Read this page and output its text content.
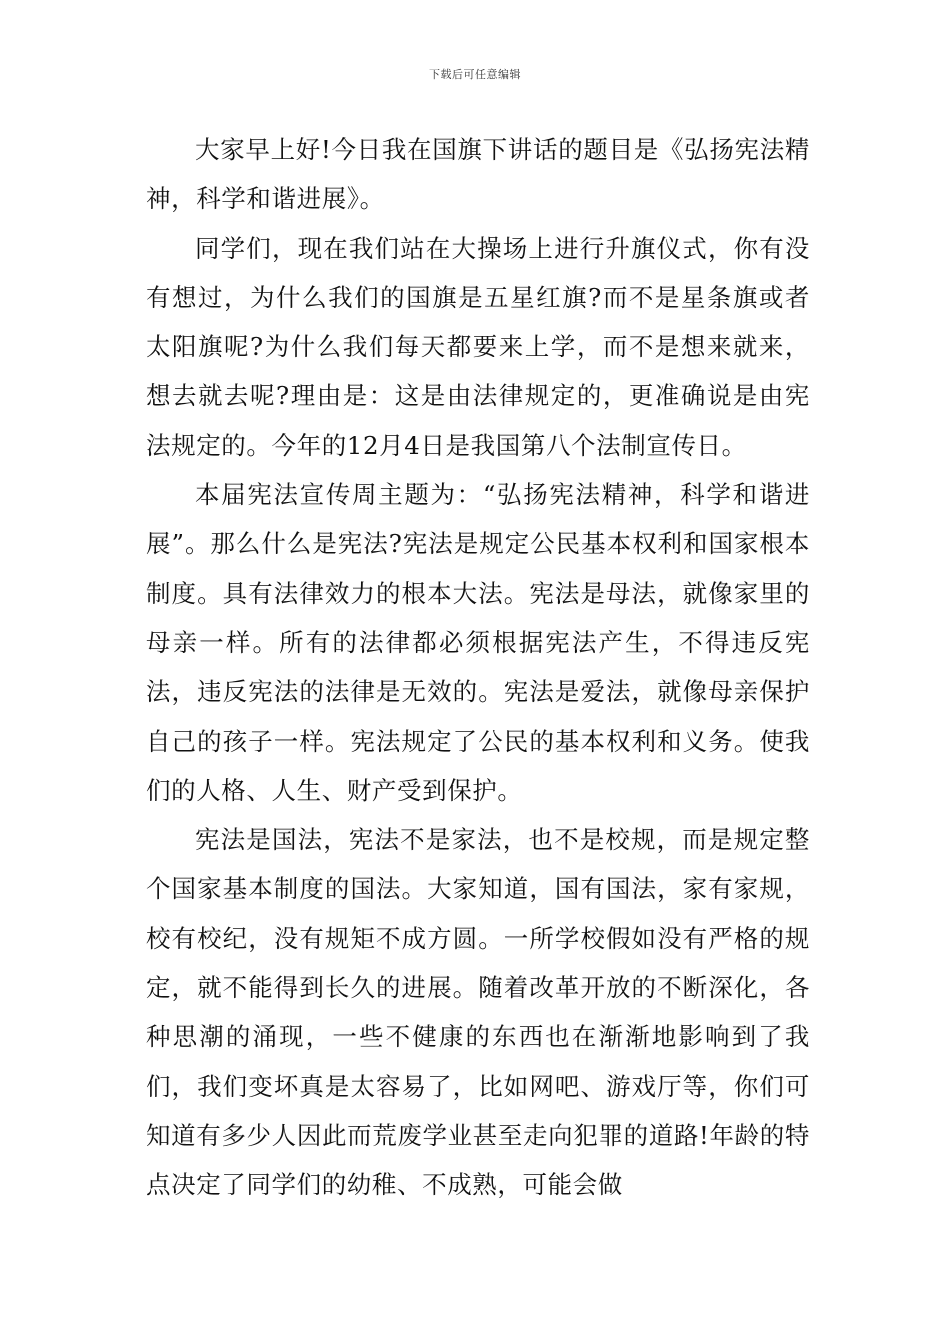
下载后可任意编辑

大家早上好!今日我在国旗下讲话的题目是《弘扬宪法精神，科学和谐进展》。

同学们，现在我们站在大操场上进行升旗仪式，你有没有想过，为什么我们的国旗是五星红旗?而不是星条旗或者太阳旗呢?为什么我们每天都要来上学，而不是想来就来，想去就去呢?理由是：这是由法律规定的，更准确说是由宪法规定的。今年的12月4日是我国第八个法制宣传日。

本届宪法宣传周主题为：“弘扬宪法精神，科学和谐进展”。那么什么是宪法?宪法是规定公民基本权利和国家根本制度。具有法律效力的根本大法。宪法是母法，就像家里的母亲一样。所有的法律都必须根据宪法产生，不得违反宪法，违反宪法的法律是无效的。宪法是爱法，就像母亲保护自己的孩子一样。宪法规定了公民的基本权利和义务。使我们的人格、人生、财产受到保护。

宪法是国法，宪法不是家法，也不是校规，而是规定整个国家基本制度的国法。大家知道，国有国法，家有家规，校有校纪，没有规矩不成方圆。一所学校假如没有严格的规定，就不能得到长久的进展。随着改革开放的不断深化，各种思潮的涌现，一些不健康的东西也在渐渐地影响到了我们，我们变坏真是太容易了，比如网吧、游戏厅等，你们可知道有多少人因此而荒废学业甚至走向犯罪的道路!年龄的特点决定了同学们的幼稚、不成熟，可能会做
